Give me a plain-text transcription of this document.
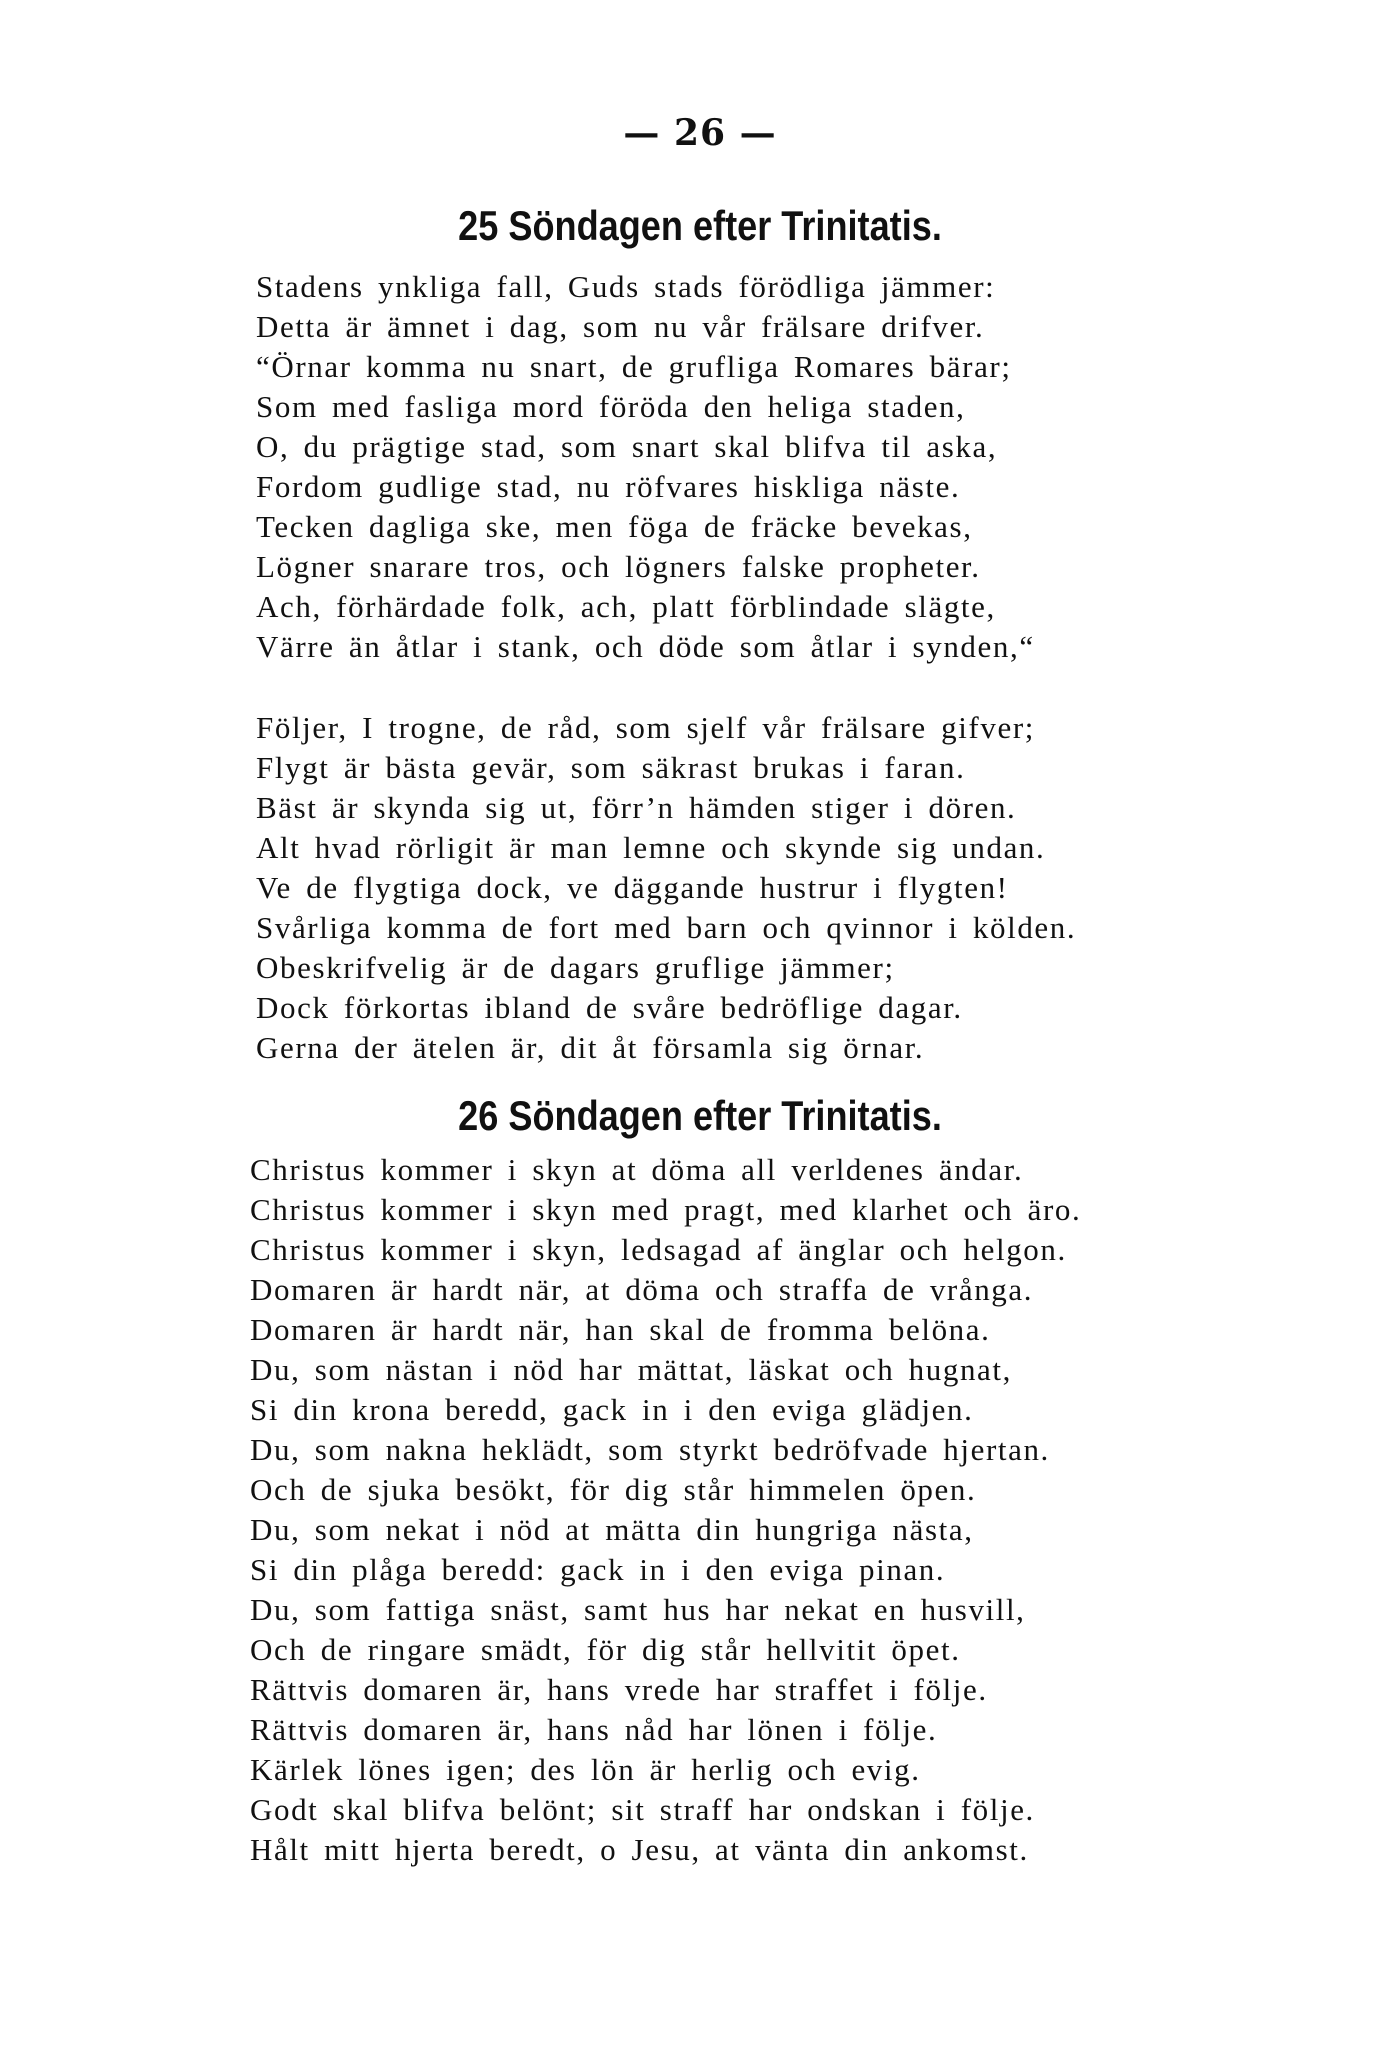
— 26 —
25 Söndagen efter Trinitatis.
Stadens ynkliga fall, Guds stads förödliga jämmer:
Detta är ämnet i dag, som nu vår frälsare drifver.
“Örnar komma nu snart, de grufliga Romares bärar;
Som med fasliga mord föröda den heliga staden,
O, du prägtige stad, som snart skal blifva til aska,
Fordom gudlige stad, nu röfvares hiskliga näste.
Tecken dagliga ske, men föga de fräcke bevekas,
Lögner snarare tros, och lögners falske propheter.
Ach, förhärdade folk, ach, platt förblindade slägte,
Värre än åtlar i stank, och döde som åtlar i synden,“
Följer, I trogne, de råd, som sjelf vår frälsare gifver;
Flygt är bästa gevär, som säkrast brukas i faran.
Bäst är skynda sig ut, förr’n hämden stiger i dören.
Alt hvad rörligit är man lemne och skynde sig undan.
Ve de flygtiga dock, ve däggande hustrur i flygten!
Svårliga komma de fort med barn och qvinnor i kölden.
Obeskrifvelig är de dagars gruflige jämmer;
Dock förkortas ibland de svåre bedröflige dagar.
Gerna der ätelen är, dit åt församla sig örnar.
26 Söndagen efter Trinitatis.
Christus kommer i skyn at döma all verldenes ändar.
Christus kommer i skyn med pragt, med klarhet och äro.
Christus kommer i skyn, ledsagad af änglar och helgon.
Domaren är hardt när, at döma och straffa de vrånga.
Domaren är hardt när, han skal de fromma belöna.
Du, som nästan i nöd har mättat, läskat och hugnat,
Si din krona beredd, gack in i den eviga glädjen.
Du, som nakna heklädt, som styrkt bedröfvade hjertan.
Och de sjuka besökt, för dig står himmelen öpen.
Du, som nekat i nöd at mätta din hungriga nästa,
Si din plåga beredd: gack in i den eviga pinan.
Du, som fattiga snäst, samt hus har nekat en husvill,
Och de ringare smädt, för dig står hellvitit öpet.
Rättvis domaren är, hans vrede har straffet i följe.
Rättvis domaren är, hans nåd har lönen i följe.
Kärlek lönes igen; des lön är herlig och evig.
Godt skal blifva belönt; sit straff har ondskan i följe.
Hålt mitt hjerta beredt, o Jesu, at vänta din ankomst.
